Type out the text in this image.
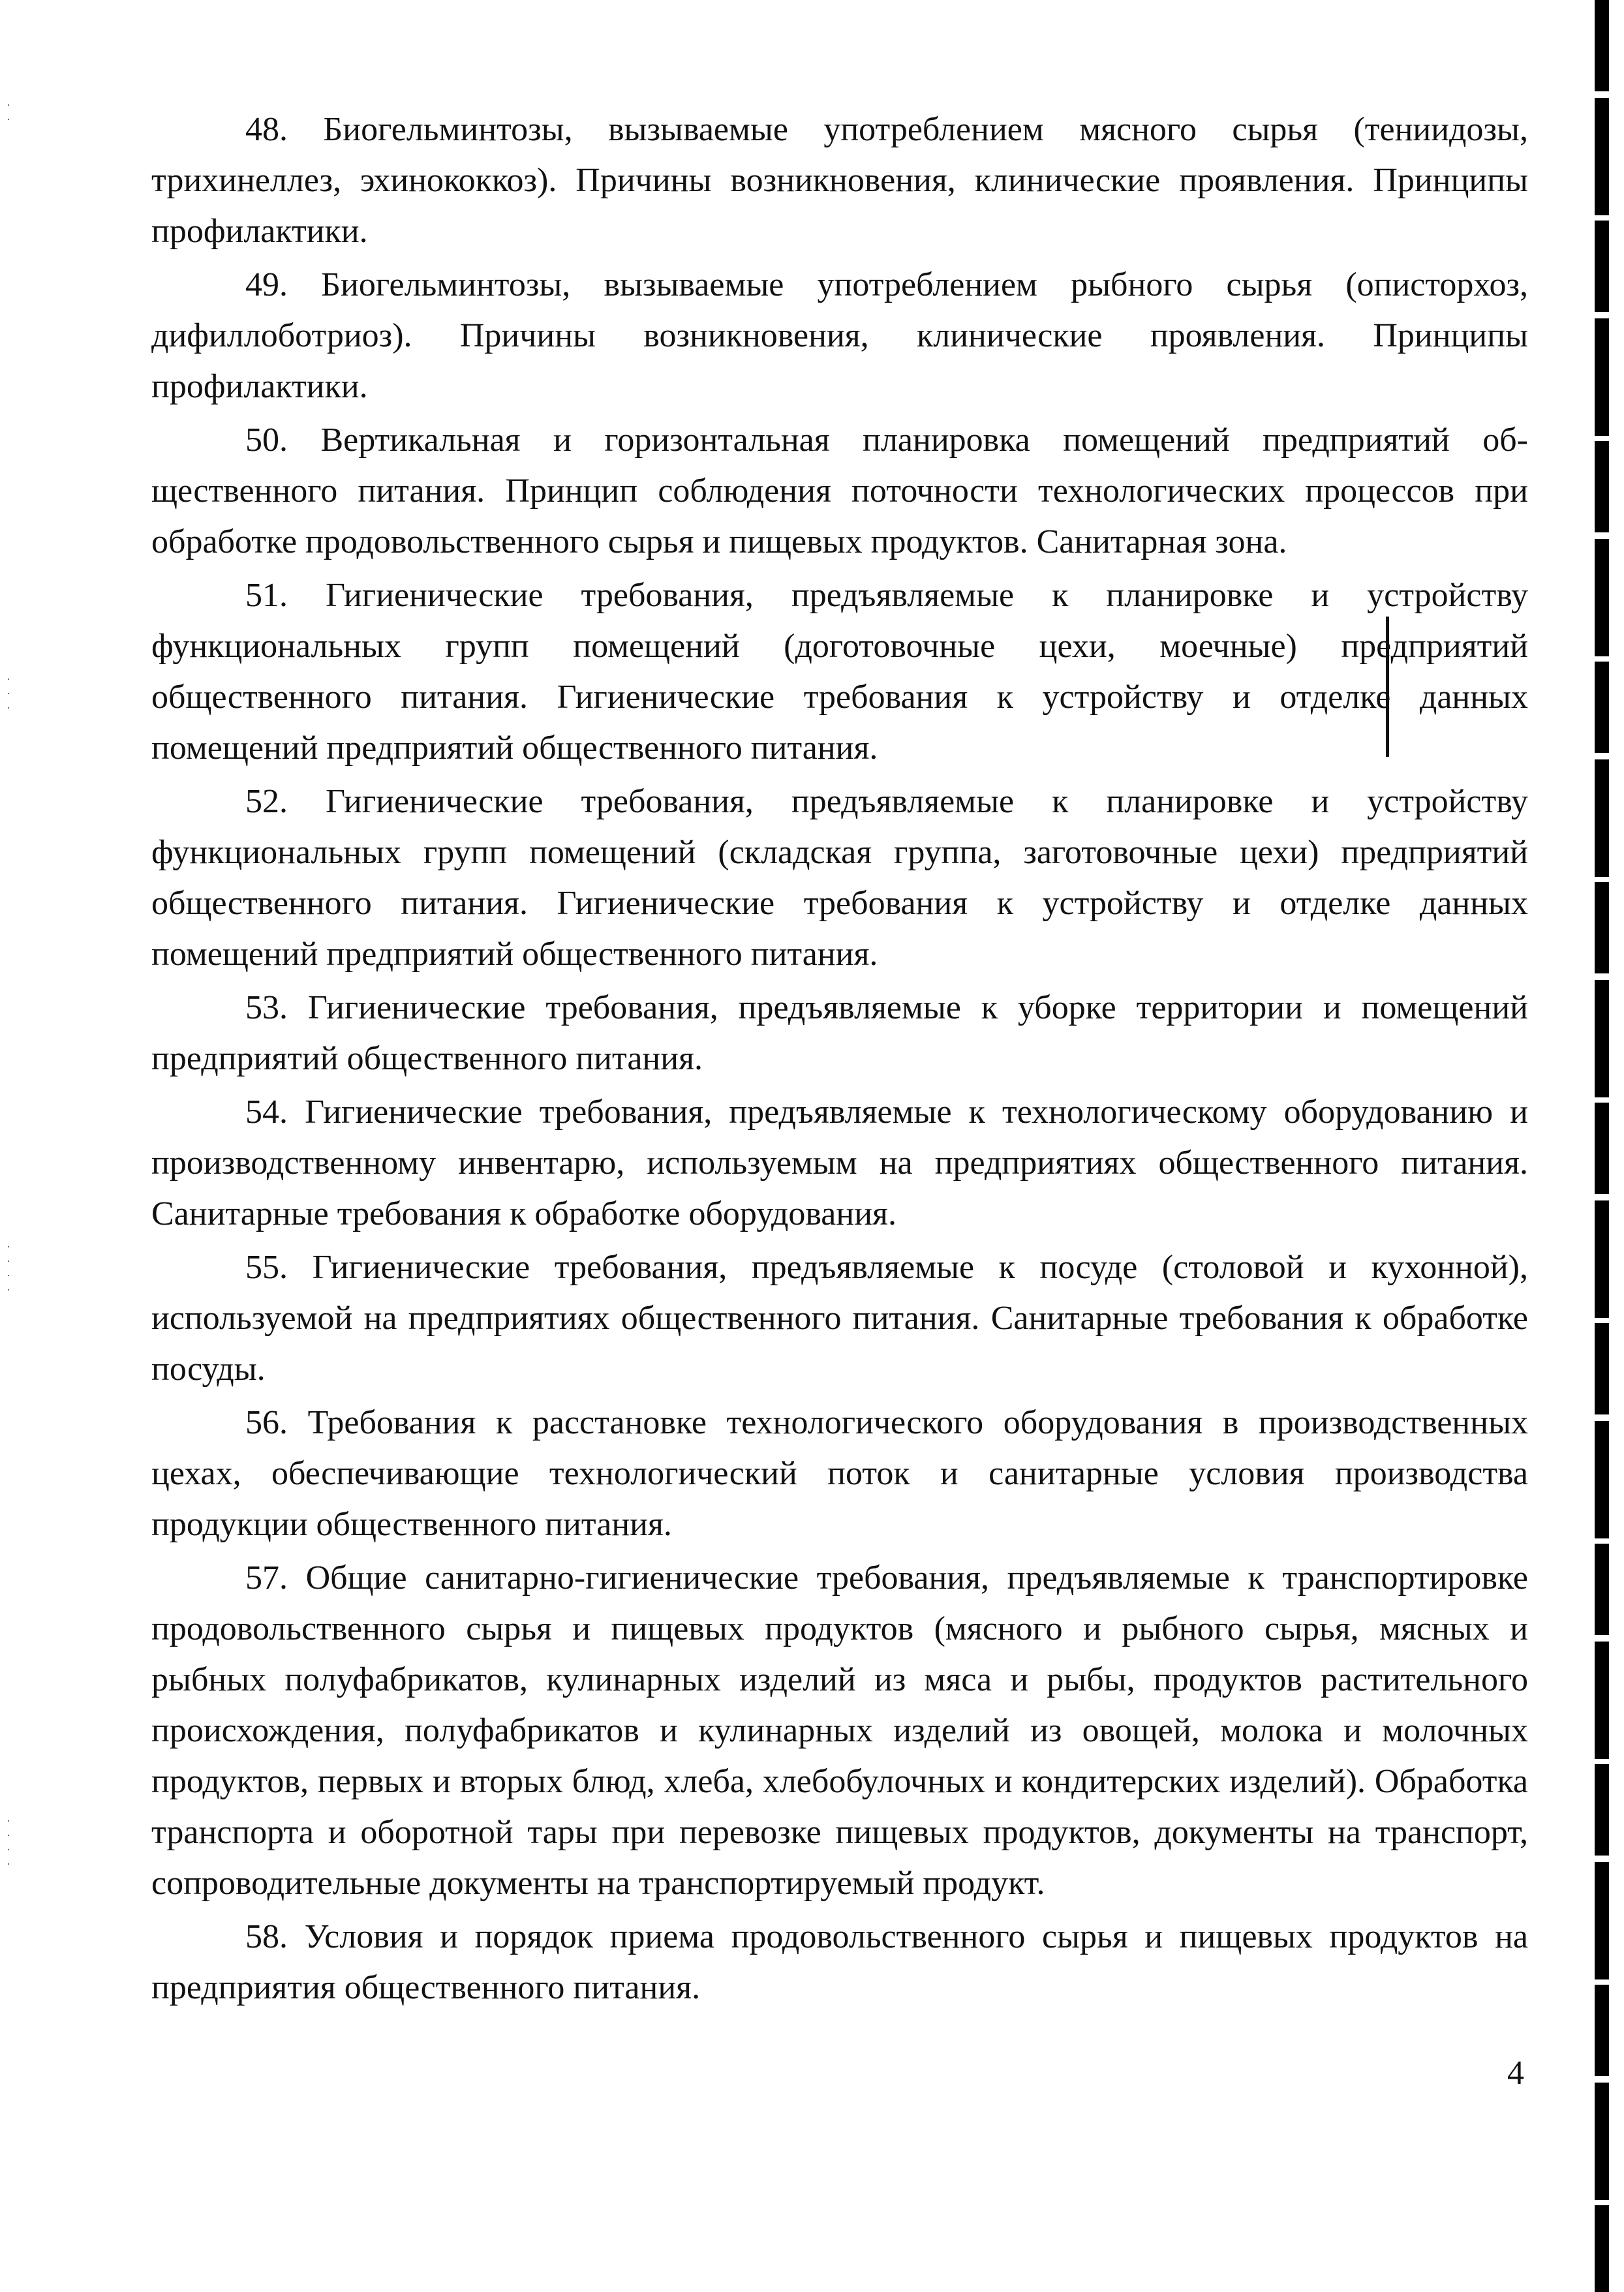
·
·
·
·
·
·
·
·
·
·
·
·
·

48. Биогельминтозы, вызываемые употреблением мясного сырья (тениидозы, трихинеллез, эхинококкоз). Причины возникновения, клинические проявления. Принципы профилактики.

49. Биогельминтозы, вызываемые употреблением рыбного сырья (описторхоз, дифиллоботриоз). Причины возникновения, клинические проявления. Принципы профилактики.

50. Вертикальная и горизонтальная планировка помещений предприятий общественного питания. Принцип соблюдения поточности технологических процессов при обработке продовольственного сырья и пищевых продуктов. Санитарная зона.

51. Гигиенические требования, предъявляемые к планировке и устройству функциональных групп помещений (доготовочные цехи, моечные) предприятий общественного питания. Гигиенические требования к устройству и отделке данных помещений предприятий общественного питания.

52. Гигиенические требования, предъявляемые к планировке и устройству функциональных групп помещений (складская группа, заготовочные цехи) предприятий общественного питания. Гигиенические требования к устройству и отделке данных помещений предприятий общественного питания.

53. Гигиенические требования, предъявляемые к уборке территории и помещений предприятий общественного питания.

54. Гигиенические требования, предъявляемые к технологическому оборудованию и производственному инвентарю, используемым на предприятиях общественного питания. Санитарные требования к обработке оборудования.

55. Гигиенические требования, предъявляемые к посуде (столовой и кухонной), используемой на предприятиях общественного питания. Санитарные требования к обработке посуды.

56. Требования к расстановке технологического оборудования в производственных цехах, обеспечивающие технологический поток и санитарные условия производства продукции общественного питания.

57. Общие санитарно-гигиенические требования, предъявляемые к транспортировке продовольственного сырья и пищевых продуктов (мясного и рыбного сырья, мясных и рыбных полуфабрикатов, кулинарных изделий из мяса и рыбы, продуктов растительного происхождения, полуфабрикатов и кулинарных изделий из овощей, молока и молочных продуктов, первых и вторых блюд, хлеба, хлебобулочных и кондитерских изделий). Обработка транспорта и оборотной тары при перевозке пищевых продуктов, документы на транспорт, сопроводительные документы на транспортируемый продукт.

58. Условия и порядок приема продовольственного сырья и пищевых продуктов на предприятия общественного питания.

4
